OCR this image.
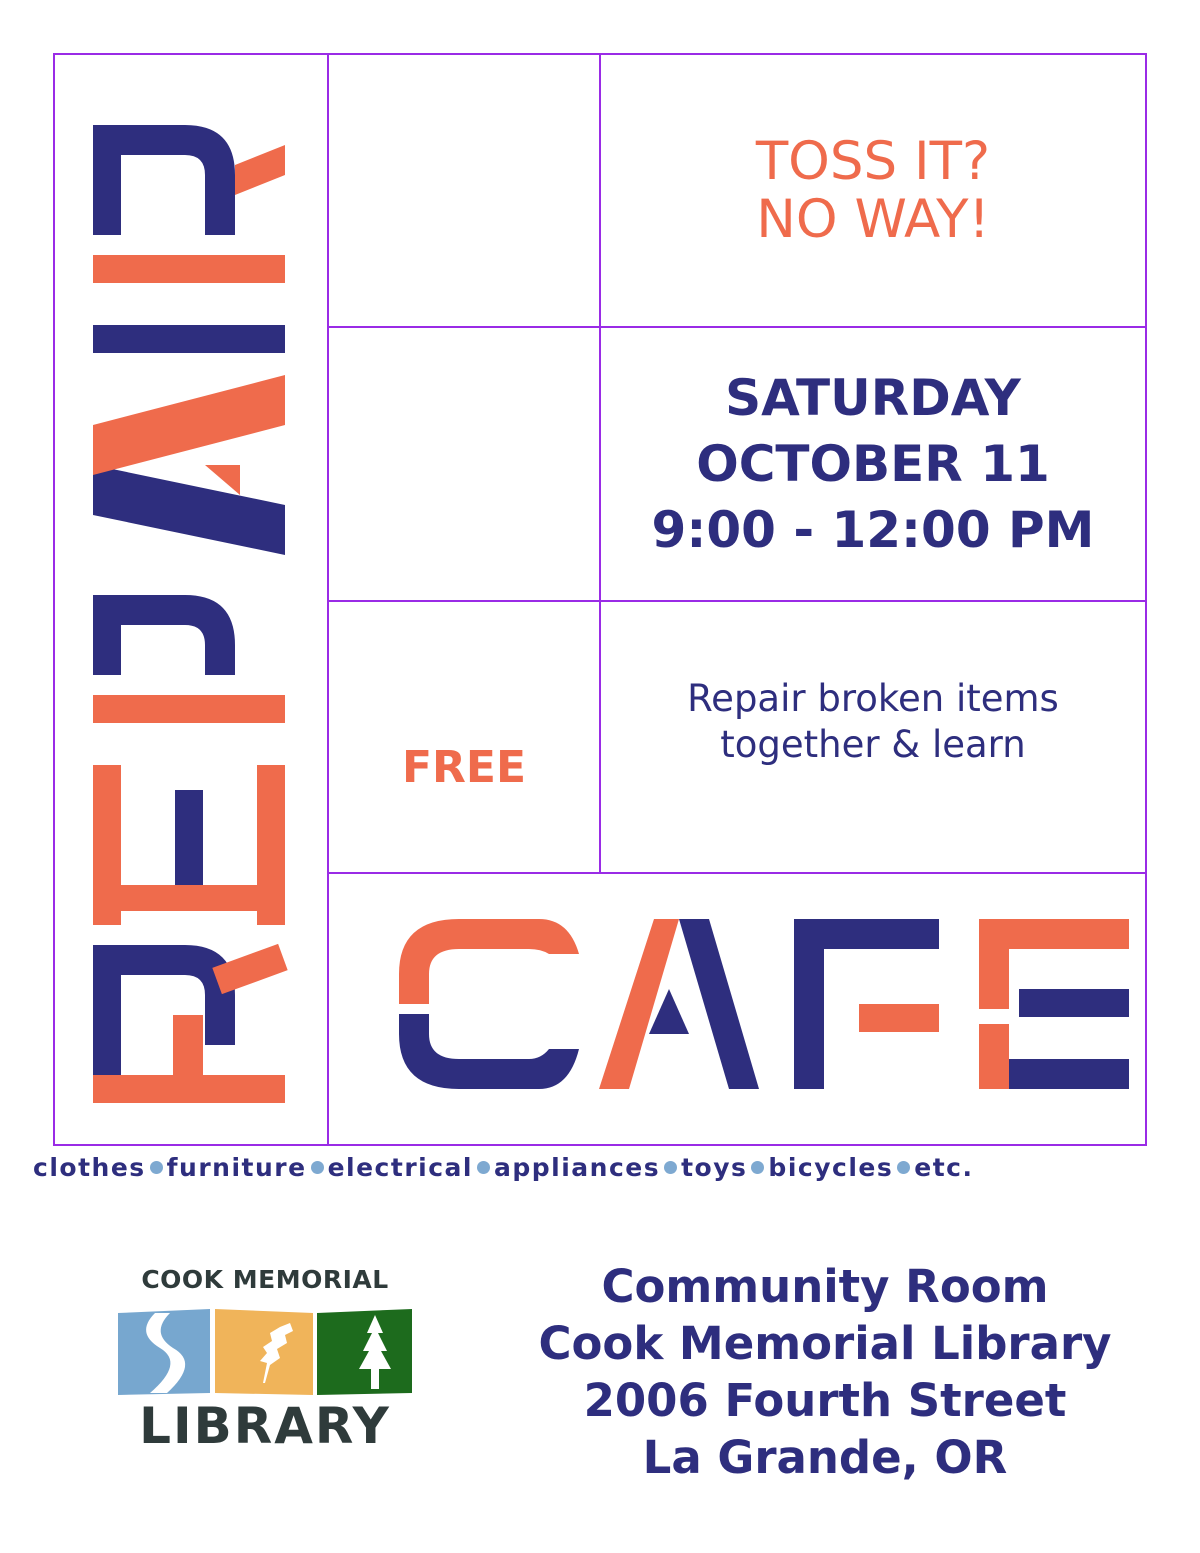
TOSS IT?
NO WAY!
SATURDAY
OCTOBER 11
9:00 - 12:00 PM
FREE
Repair broken items
together & learn
clothes furniture electrical appliances toys bicycles etc.
COOK MEMORIAL
LIBRARY
Community Room
Cook Memorial Library
2006 Fourth Street
La Grande, OR
